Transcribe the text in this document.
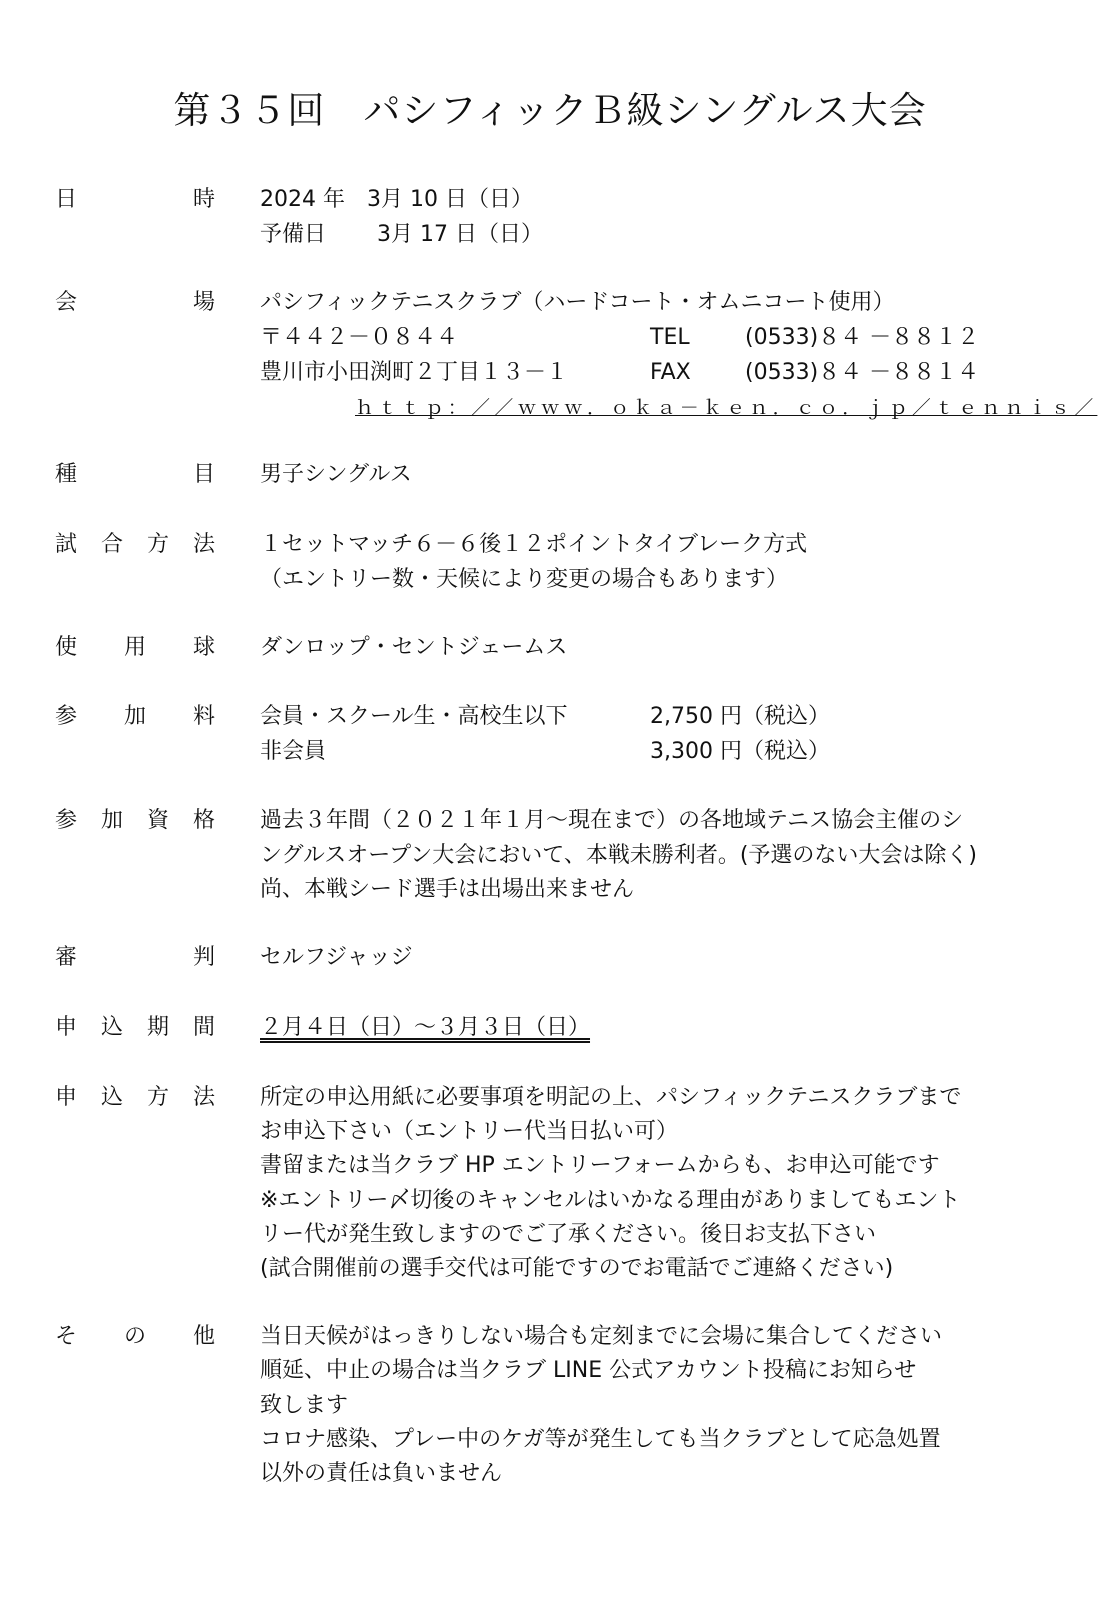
第３５回　パシフィックＢ級シングルス大会
日	時 2024 年　3月 10 日（日）
予備日　　 3月 17 日（日）
会	場 パシフィックテニスクラブ（ハードコート・オムニコート使用）
〒４４２－０８４４	TEL	(0533)８４ －８８１２
豊川市小田渕町２丁目１３－１	FAX (0533)８４ －８８１４
ｈｔｔｐ：／／ｗｗｗ．ｏｋａ－ｋｅｎ．ｃｏ．ｊｐ／ｔｅｎｎｉｓ／
種	目 男子シングルス
試 合 方 法 １セットマッチ６－６後１２ポイントタイブレーク方式
（エントリー数・天候により変更の場合もあります）
使 用 球 ダンロップ・セントジェームス
参 加 料 会員・スクール生・高校生以下	2,750 円（税込）
非会員	3,300 円（税込）
参 加 資 格 過去３年間（２０２１年１月～現在まで）の各地域テニス協会主催のシ
ングルスオープン大会において、本戦未勝利者。(予選のない大会は除く)
尚、本戦シード選手は出場出来ません
審	判 セルフジャッジ
申 込 期 間 ２月４日（日）～３月３日（日）
申 込 方 法 所定の申込用紙に必要事項を明記の上、パシフィックテニスクラブまで
お申込下さい（エントリー代当日払い可）
書留または当クラブ HP エントリーフォームからも、お申込可能です
※エントリー〆切後のキャンセルはいかなる理由がありましてもエント
リー代が発生致しますのでご了承ください。後日お支払下さい
(試合開催前の選手交代は可能ですのでお電話でご連絡ください)
そ の 他 当日天候がはっきりしない場合も定刻までに会場に集合してください
順延、中止の場合は当クラブ LINE 公式アカウント投稿にお知らせ
致します
コロナ感染、プレー中のケガ等が発生しても当クラブとして応急処置
以外の責任は負いません
